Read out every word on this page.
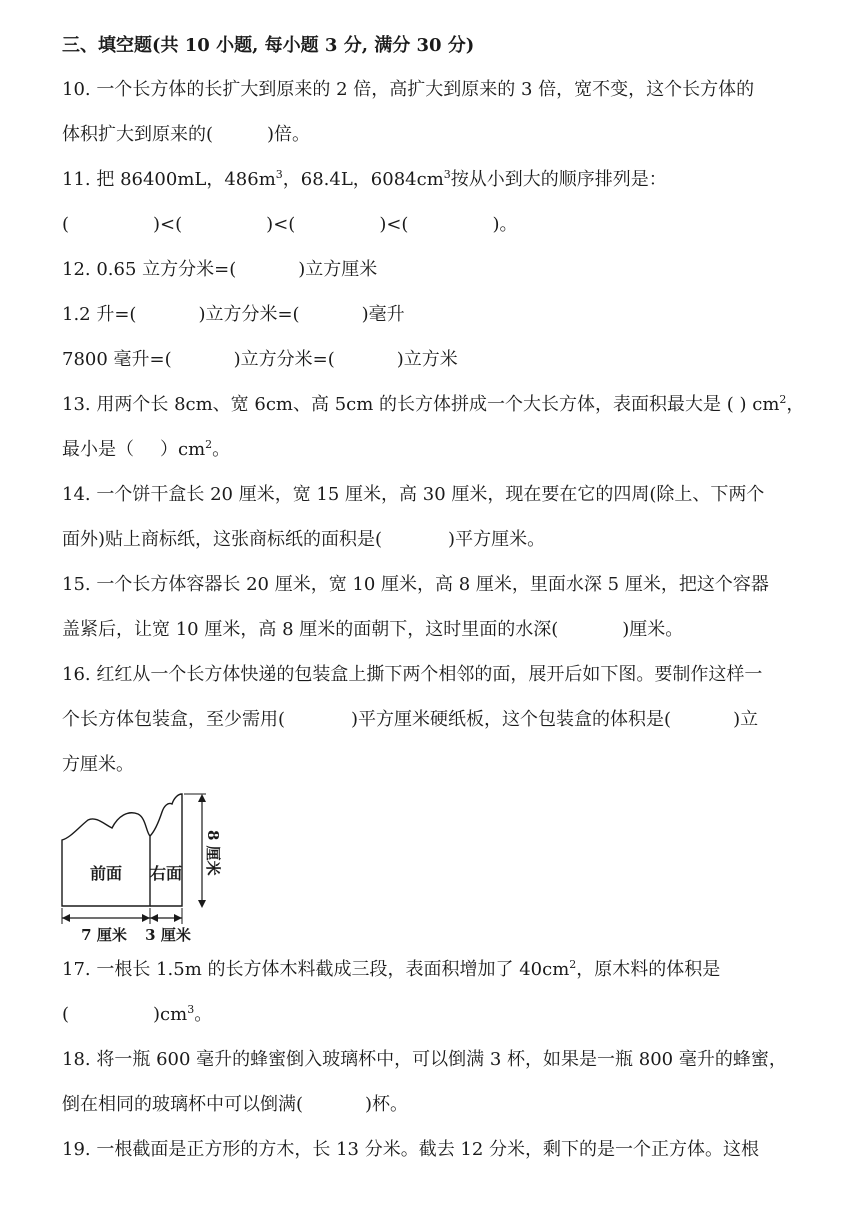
三、填空题(共 10 小题, 每小题 3 分, 满分 30 分)
10. 一个长方体的长扩大到原来的 2 倍，高扩大到原来的 3 倍，宽不变，这个长方体的
体积扩大到原来的(	)倍。
11. 把 86400mL，$486m^3$，68.4L，$6084cm^3$按从小到大的顺序排列是：
(	)<(	)<(	)<(	)。
12. 0.65 立方分米=(	)立方厘米
1.2 升=(	)立方分米=(	)毫升
7800 毫升=(	)立方分米=(	)立方米
13. 用两个长 8cm、宽 6cm、高 5cm 的长方体拼成一个大长方体，表面积最大是 ( ) $cm^2$，
最小是（ ）$cm^2$。
14. 一个饼干盒长 20 厘米，宽 15 厘米，高 30 厘米，现在要在它的四周(除上、下两个
面外)贴上商标纸，这张商标纸的面积是(	)平方厘米。
15. 一个长方体容器长 20 厘米，宽 10 厘米，高 8 厘米，里面水深 5 厘米，把这个容器
盖紧后，让宽 10 厘米，高 8 厘米的面朝下，这时里面的水深(	)厘米。
16. 红红从一个长方体快递的包装盒上撕下两个相邻的面，展开后如下图。要制作这样一
个长方体包装盒，至少需用(	)平方厘米硬纸板，这个包装盒的体积是(	)立
方厘米。
前面 右面 8 厘米
7 厘米 3 厘米
17. 一根长 1.5m 的长方体木料截成三段，表面积增加了 $40cm^2$，原木料的体积是
(	)$cm^3$。
18. 将一瓶 600 毫升的蜂蜜倒入玻璃杯中，可以倒满 3 杯，如果是一瓶 800 毫升的蜂蜜，
倒在相同的玻璃杯中可以倒满(	)杯。
19. 一根截面是正方形的方木，长 13 分米。截去 12 分米，剩下的是一个正方体。这根
